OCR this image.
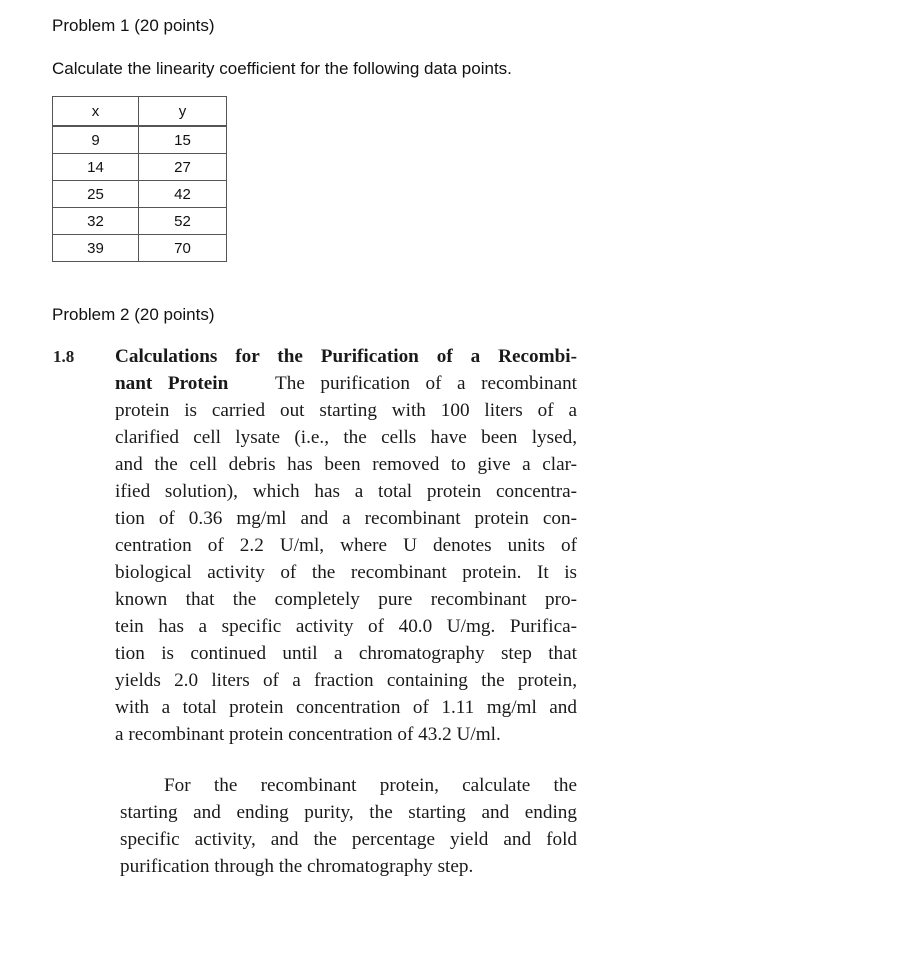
Problem 1 (20 points)
Calculate the linearity coefficient for the following data points.
x	y
9	15
14	27
25	42
32	52
39	70
Problem 2 (20 points)
1.8 Calculations for the Purification of a Recombi-
nant Protein The purification of a recombinant
protein is carried out starting with 100 liters of a
clarified cell lysate (i.e., the cells have been lysed,
and the cell debris has been removed to give a clar-
ified solution), which has a total protein concentra-
tion of 0.36 mg/ml and a recombinant protein con-
centration of 2.2 U/ml, where U denotes units of
biological activity of the recombinant protein. It is
known that the completely pure recombinant pro-
tein has a specific activity of 40.0 U/mg. Purifica-
tion is continued until a chromatography step that
yields 2.0 liters of a fraction containing the protein,
with a total protein concentration of 1.11 mg/ml and
a recombinant protein concentration of 43.2 U/ml.
For the recombinant protein, calculate the
starting and ending purity, the starting and ending
specific activity, and the percentage yield and fold
purification through the chromatography step.
